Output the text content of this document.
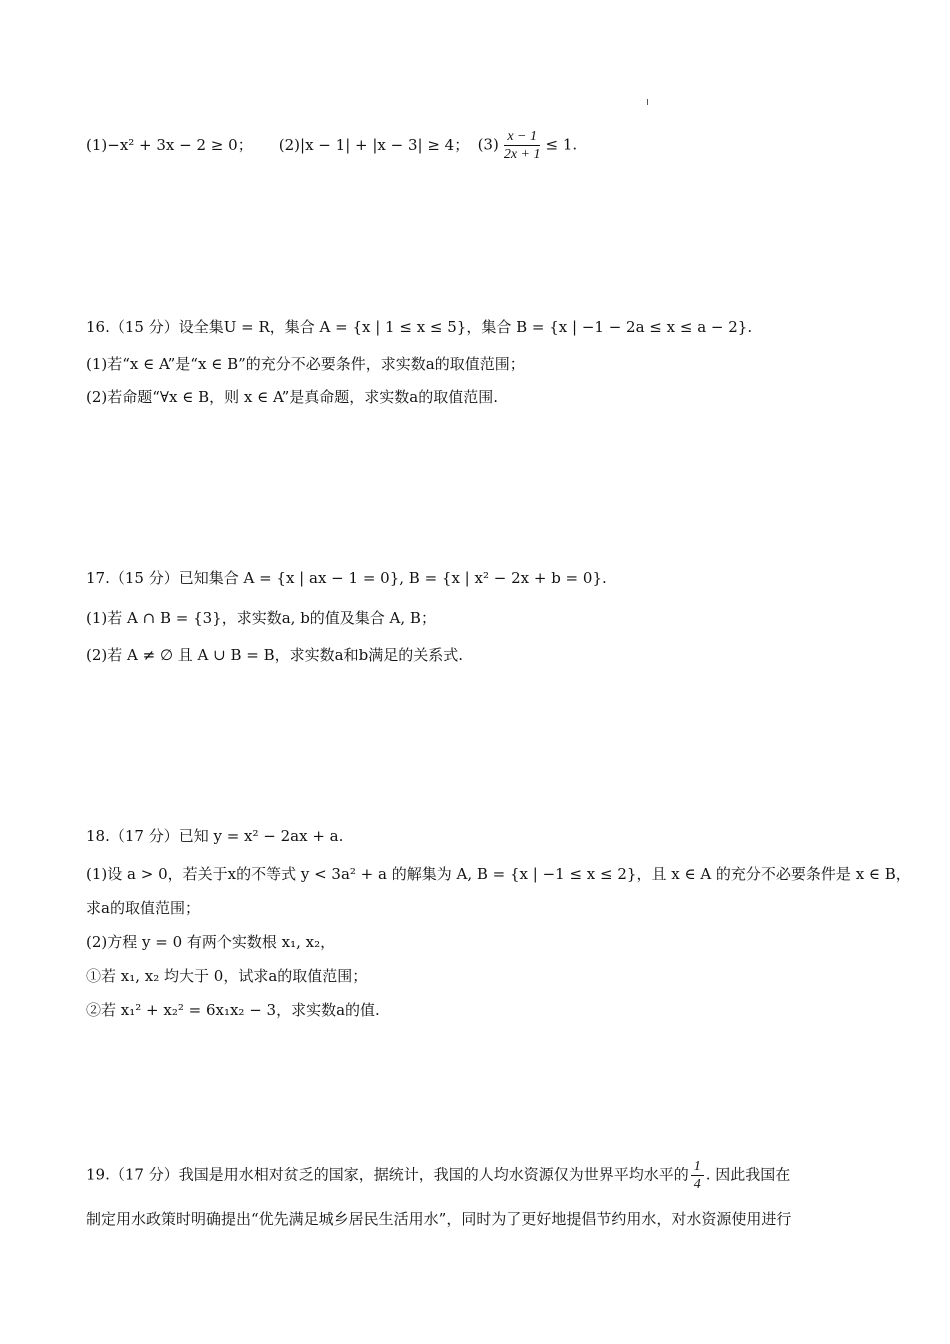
(1)−x² + 3x − 2 ≥ 0； (2)|x − 1| + |x − 3| ≥ 4； $(3) \frac{x - 1}{2x + 1} \le 1$.
16.（15 分）设全集U = R，集合 A = {x | 1 ≤ x ≤ 5}，集合 B = {x | −1 − 2a ≤ x ≤ a − 2}.
(1)若“x ∈ A”是“x ∈ B”的充分不必要条件，求实数a的取值范围；
(2)若命题“∀x ∈ B，则 x ∈ A”是真命题，求实数a的取值范围.
17.（15 分）已知集合 A = {x | ax − 1 = 0}, B = {x | x² − 2x + b = 0}.
(1)若 A ∩ B = {3}，求实数a, b的值及集合 A, B；
(2)若 A ≠ ∅ 且 A ∪ B = B，求实数a和b满足的关系式.
18.（17 分）已知 y = x² − 2ax + a.
(1)设 a > 0，若关于x的不等式 y < 3a² + a 的解集为 A, B = {x | −1 ≤ x ≤ 2}，且 x ∈ A 的充分不必要条件是 x ∈ B，
求a的取值范围；
(2)方程 y = 0 有两个实数根 x₁, x₂，
①若 x₁, x₂ 均大于 0，试求a的取值范围；
②若 x₁² + x₂² = 6x₁x₂ − 3，求实数a的值.
19.（17 分）我国是用水相对贫乏的国家，据统计，我国的人均水资源仅为世界平均水平的 $\frac{1}{4}$ . 因此我国在
制定用水政策时明确提出“优先满足城乡居民生活用水”，同时为了更好地提倡节约用水，对水资源使用进行
